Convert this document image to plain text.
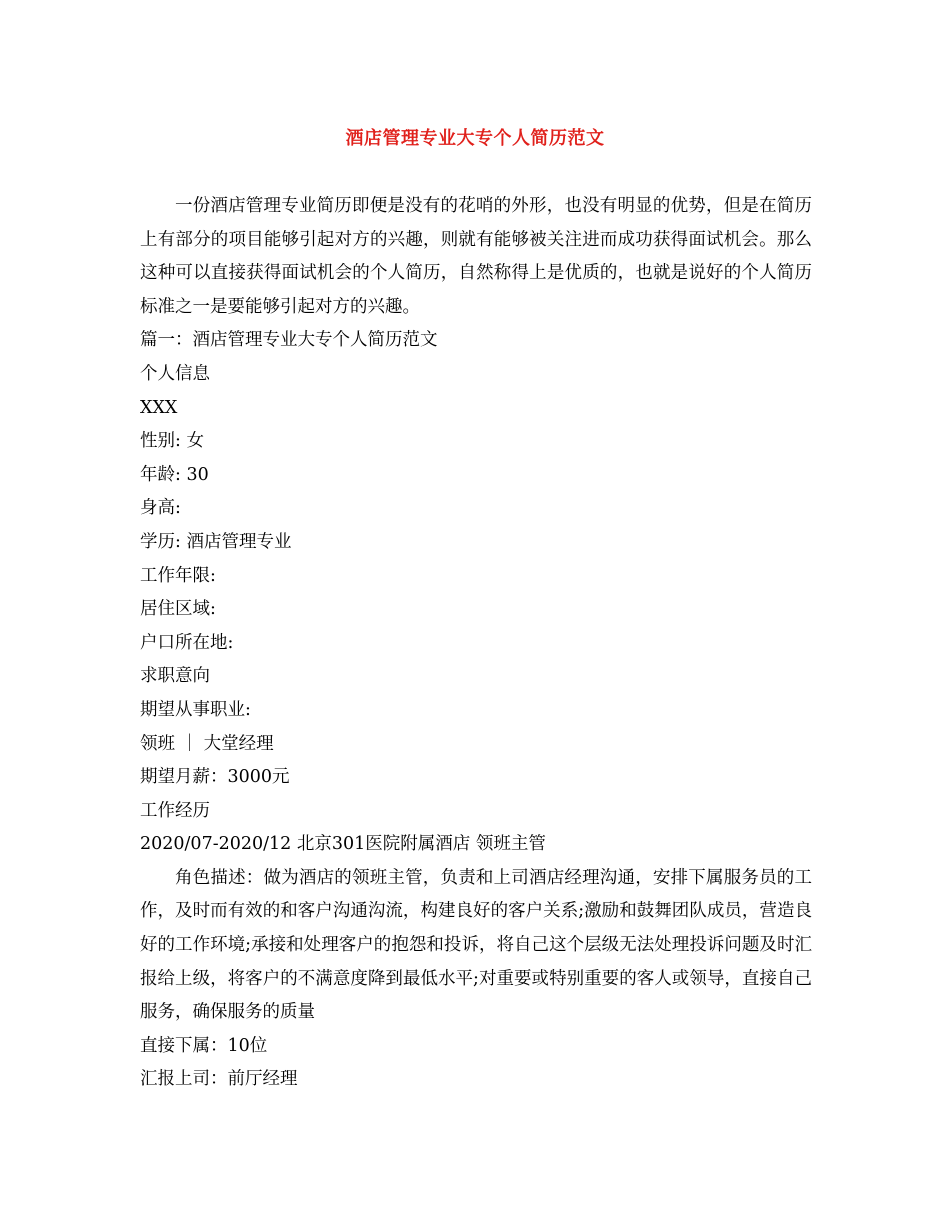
酒店管理专业大专个人简历范文

一份酒店管理专业简历即便是没有的花哨的外形，也没有明显的优势，但是在简历上有部分的项目能够引起对方的兴趣，则就有能够被关注进而成功获得面试机会。那么这种可以直接获得面试机会的个人简历，自然称得上是优质的，也就是说好的个人简历标准之一是要能够引起对方的兴趣。

篇一：酒店管理专业大专个人简历范文

个人信息

XXX

性别: 女

年龄: 30

身高:

学历: 酒店管理专业

工作年限:

居住区域:

户口所在地:

求职意向

期望从事职业:

领班 ｜ 大堂经理

期望月薪：3000元

工作经历

2020/07-2020/12 北京301医院附属酒店 领班主管

角色描述：做为酒店的领班主管，负责和上司酒店经理沟通，安排下属服务员的工作，及时而有效的和客户沟通沟流，构建良好的客户关系;激励和鼓舞团队成员，营造良好的工作环境;承接和处理客户的抱怨和投诉，将自己这个层级无法处理投诉问题及时汇报给上级，将客户的不满意度降到最低水平;对重要或特别重要的客人或领导，直接自己服务，确保服务的质量

直接下属：10位

汇报上司：前厅经理
